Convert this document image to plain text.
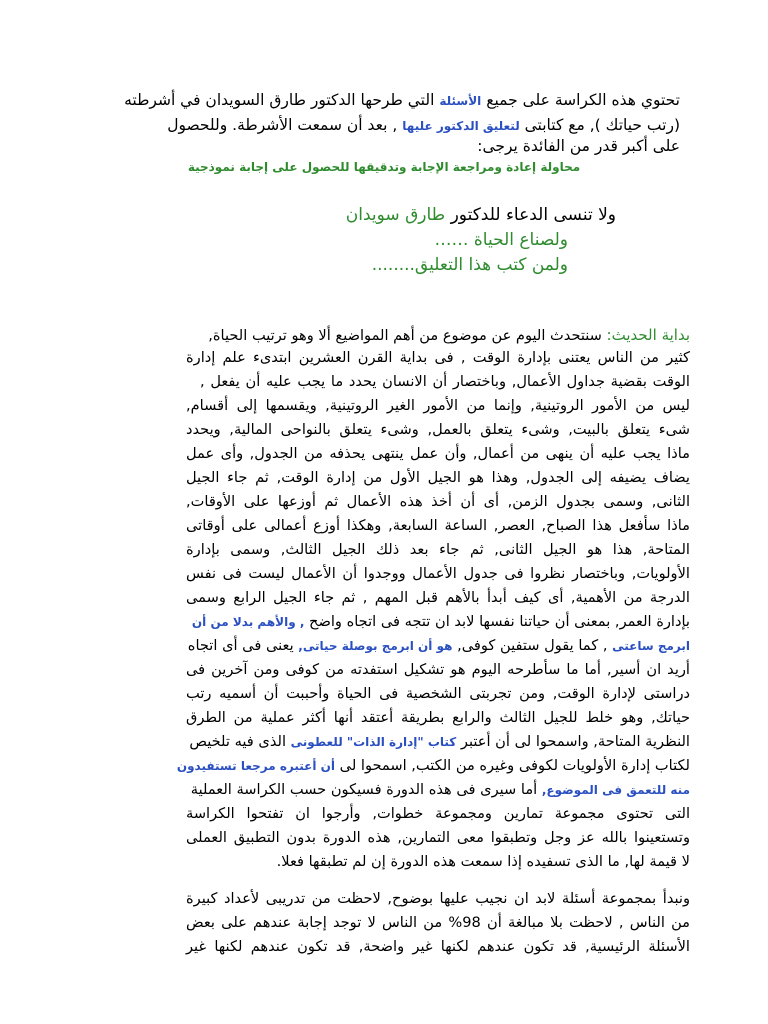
تحتوي هذه الكراسة على جميع الأسئلة التي طرحها الدكتور طارق السويدان في أشرطته
(رتب حياتك ), مع كتابتى لتعليق الدكتور عليها , بعد أن سمعت الأشرطة. وللحصول
على أكبر قدر من الفائدة يرجى:
محاولة إعادة ومراجعة الإجابة وتدقيقها للحصول على إجابة نموذجية
ولا تنسى الدعاء للدكتور طارق سويدان
ولصناع الحياة ……
ولمن كتب هذا التعليق........
بداية الحديث: سنتحدث اليوم عن موضوع من أهم المواضيع ألا وهو ترتيب الحياة,
كثير من الناس يعتنى بإدارة الوقت , فى بداية القرن العشرين ابتدىء علم إدارة
الوقت بقضية جداول الأعمال, وباختصار أن الانسان يحدد ما يجب عليه أن يفعل ,
ليس من الأمور الروتينية, وإنما من الأمور الغير الروتينية, ويقسمها إلى أقسام,
شىء يتعلق بالبيت, وشىء يتعلق بالعمل, وشىء يتعلق بالنواحى المالية, ويحدد
ماذا يجب عليه أن ينهى من أعمال, وأن عمل ينتهى يحذفه من الجدول, وأى عمل
يضاف يضيفه إلى الجدول, وهذا هو الجيل الأول من إدارة الوقت, ثم جاء الجيل
الثانى, وسمى بجدول الزمن, أى أن أخذ هذه الأعمال ثم أوزعها على الأوقات,
ماذا سأفعل هذا الصباح, العصر, الساعة السابعة, وهكذا أوزع أعمالى على أوقاتى
المتاحة, هذا هو الجيل الثانى, ثم جاء بعد ذلك الجيل الثالث, وسمى بإدارة
الأولويات, وباختصار نظروا فى جدول الأعمال ووجدوا أن الأعمال ليست فى نفس
الدرجة من الأهمية, أى كيف أبدأ بالأهم قبل المهم , ثم جاء الجيل الرابع وسمى
بإدارة العمر, بمعنى أن حياتنا نفسها لابد ان تتجه فى اتجاه واضح , والأهم بدلا من أن
ابرمج ساعتى , كما يقول ستفين كوفى, هو أن ابرمج بوصلة حياتى, يعنى فى أى اتجاه
أريد ان أسير, أما ما سأطرحه اليوم هو تشكيل استفدته من كوفى ومن آخرين فى
دراستى لإدارة الوقت, ومن تجربتى الشخصية فى الحياة وأحببت أن أسميه رتب
حياتك, وهو خلط للجيل الثالث والرابع بطريقة أعتقد أنها أكثر عملية من الطرق
النظرية المتاحة, واسمحوا لى أن أعتبر كتاب "إدارة الذات" للعطونى الذى فيه تلخيص
لكتاب إدارة الأولويات لكوفى وغيره من الكتب, اسمحوا لى أن أعتبره مرجعا تستفيدون
منه للتعمق فى الموضوع, أما سيرى فى هذه الدورة فسيكون حسب الكراسة العملية
التى تحتوى مجموعة تمارين ومجموعة خطوات, وأرجوا ان تفتحوا الكراسة
وتستعينوا بالله عز وجل وتطبقوا معى التمارين, هذه الدورة بدون التطبيق العملى
لا قيمة لها, ما الذى تسفيده إذا سمعت هذه الدورة إن لم تطبقها فعلا.
ونبدأ بمجموعة أسئلة لابد ان نجيب عليها بوضوح, لاحظت من تدريبى لأعداد كبيرة
من الناس , لاحظت بلا مبالغة أن 98% من الناس لا توجد إجابة عندهم على بعض
الأسئلة الرئيسية, قد تكون عندهم لكنها غير واضحة, قد تكون عندهم لكنها غير
